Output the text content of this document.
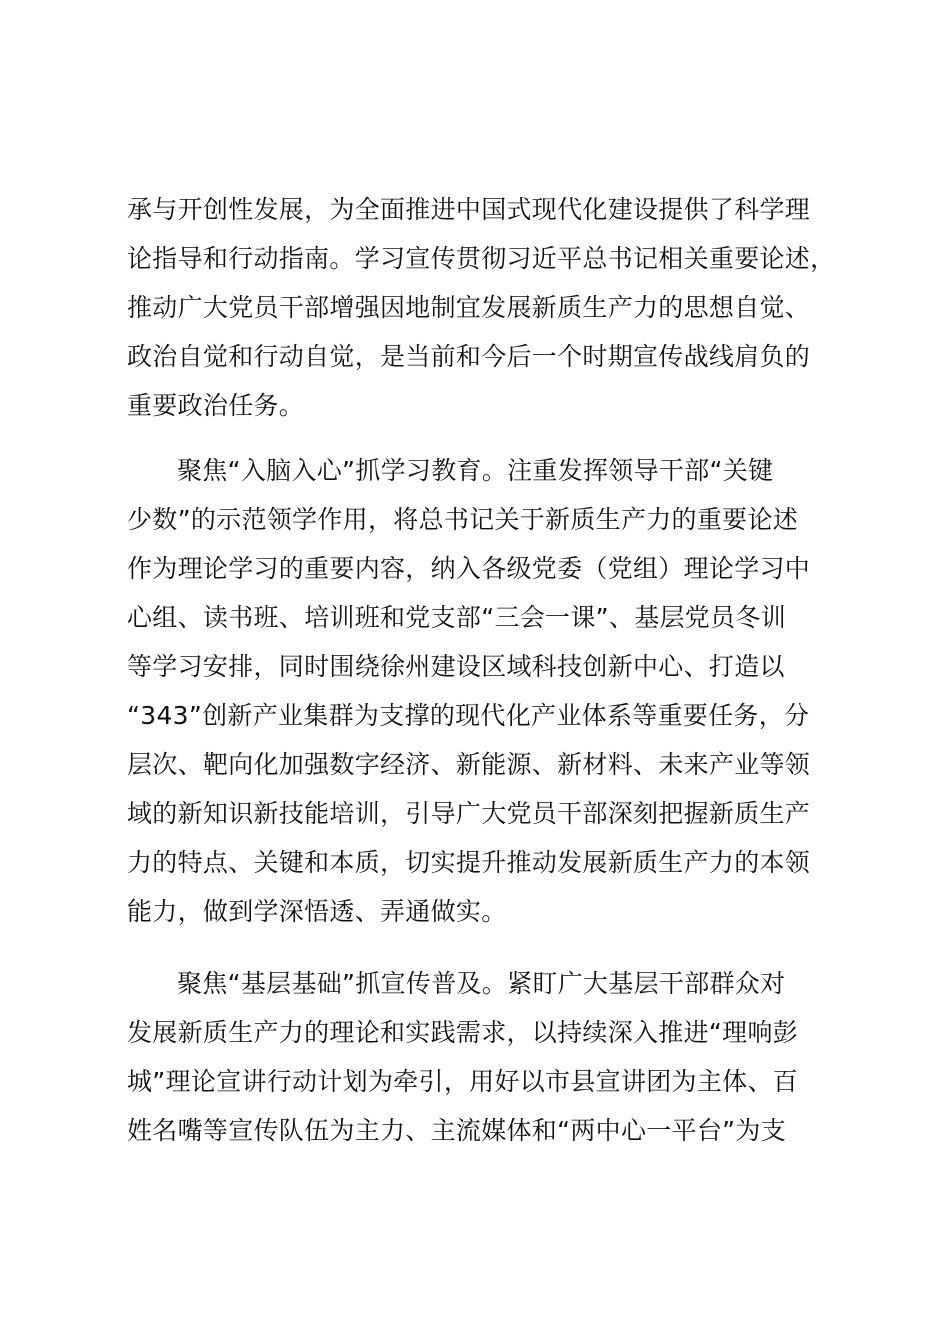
承与开创性发展，为全面推进中国式现代化建设提供了科学理
论指导和行动指南。学习宣传贯彻习近平总书记相关重要论述，
推动广大党员干部增强因地制宜发展新质生产力的思想自觉、
政治自觉和行动自觉，是当前和今后一个时期宣传战线肩负的
重要政治任务。
聚焦“入脑入心”抓学习教育。注重发挥领导干部“关键
少数”的示范领学作用，将总书记关于新质生产力的重要论述
作为理论学习的重要内容，纳入各级党委（党组）理论学习中
心组、读书班、培训班和党支部“三会一课”、基层党员冬训
等学习安排，同时围绕徐州建设区域科技创新中心、打造以
“343”创新产业集群为支撑的现代化产业体系等重要任务，分
层次、靶向化加强数字经济、新能源、新材料、未来产业等领
域的新知识新技能培训，引导广大党员干部深刻把握新质生产
力的特点、关键和本质，切实提升推动发展新质生产力的本领
能力，做到学深悟透、弄通做实。
聚焦“基层基础”抓宣传普及。紧盯广大基层干部群众对
发展新质生产力的理论和实践需求，以持续深入推进“理响彭
城”理论宣讲行动计划为牵引，用好以市县宣讲团为主体、百
姓名嘴等宣传队伍为主力、主流媒体和“两中心一平台”为支
